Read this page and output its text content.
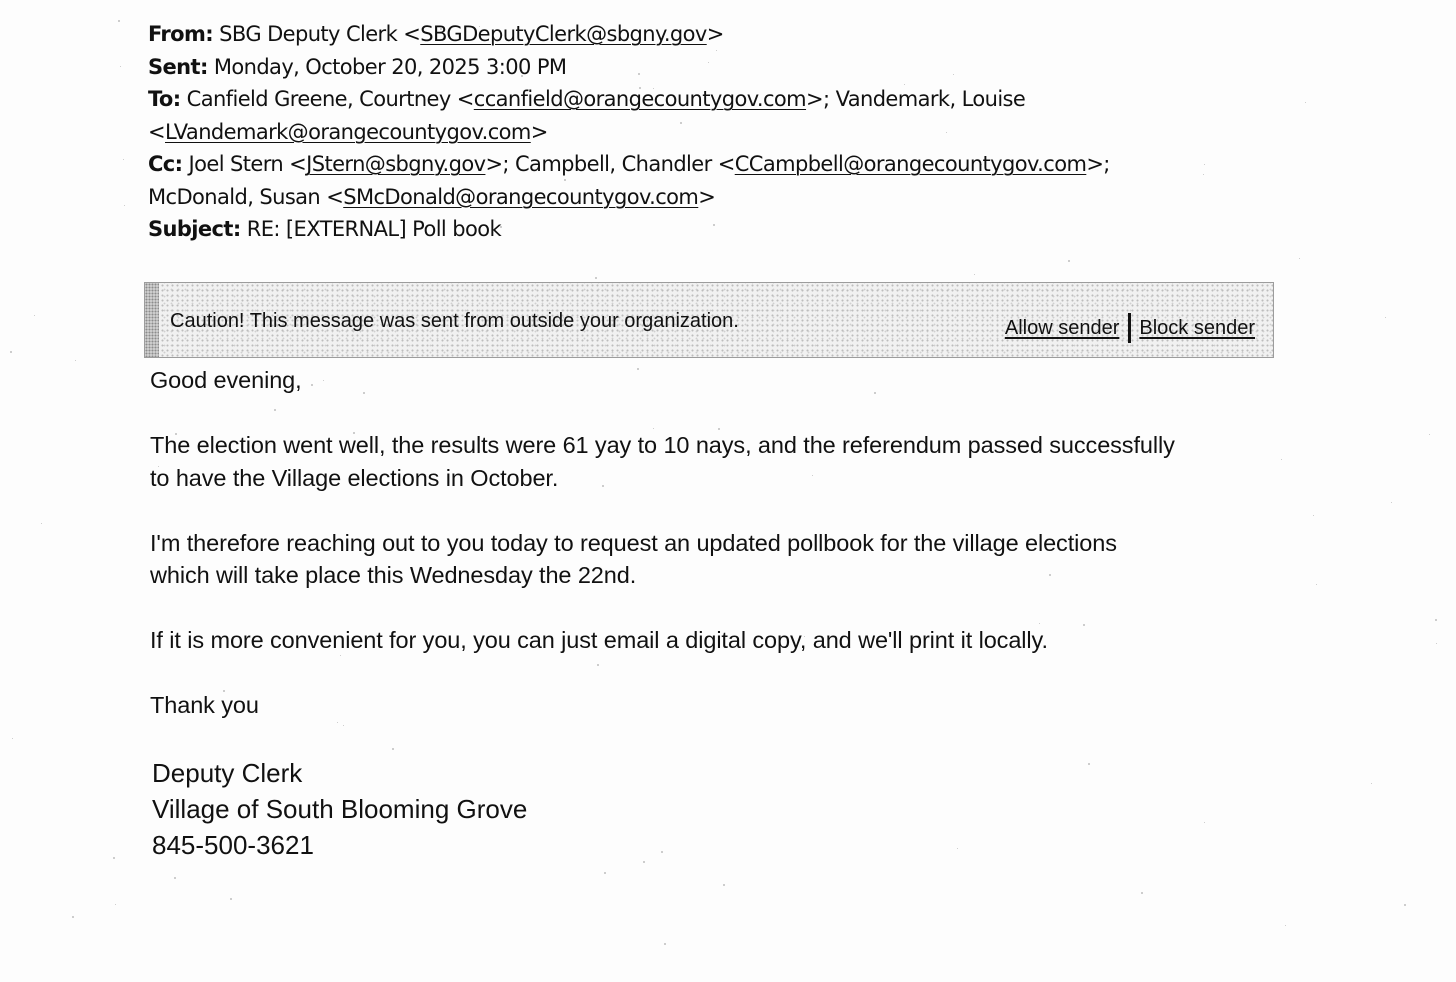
From: SBG Deputy Clerk <SBGDeputyClerk@sbgny.gov>
Sent: Monday, October 20, 2025 3:00 PM
To: Canfield Greene, Courtney <ccanfield@orangecountygov.com>; Vandemark, Louise
<LVandemark@orangecountygov.com>
Cc: Joel Stern <JStern@sbgny.gov>; Campbell, Chandler <CCampbell@orangecountygov.com>;
McDonald, Susan <SMcDonald@orangecountygov.com>
Subject: RE: [EXTERNAL] Poll book
Caution! This message was sent from outside your organization.	Allow sender Block sender

Good evening,

The election went well, the results were 61 yay to 10 nays, and the referendum passed successfully

to have the Village elections in October.

I'm therefore reaching out to you today to request an updated pollbook for the village elections

which will take place this Wednesday the 22nd.

If it is more convenient for you, you can just email a digital copy, and we'll print it locally.

Thank you

Deputy Clerk
Village of South Blooming Grove
845-500-3621
